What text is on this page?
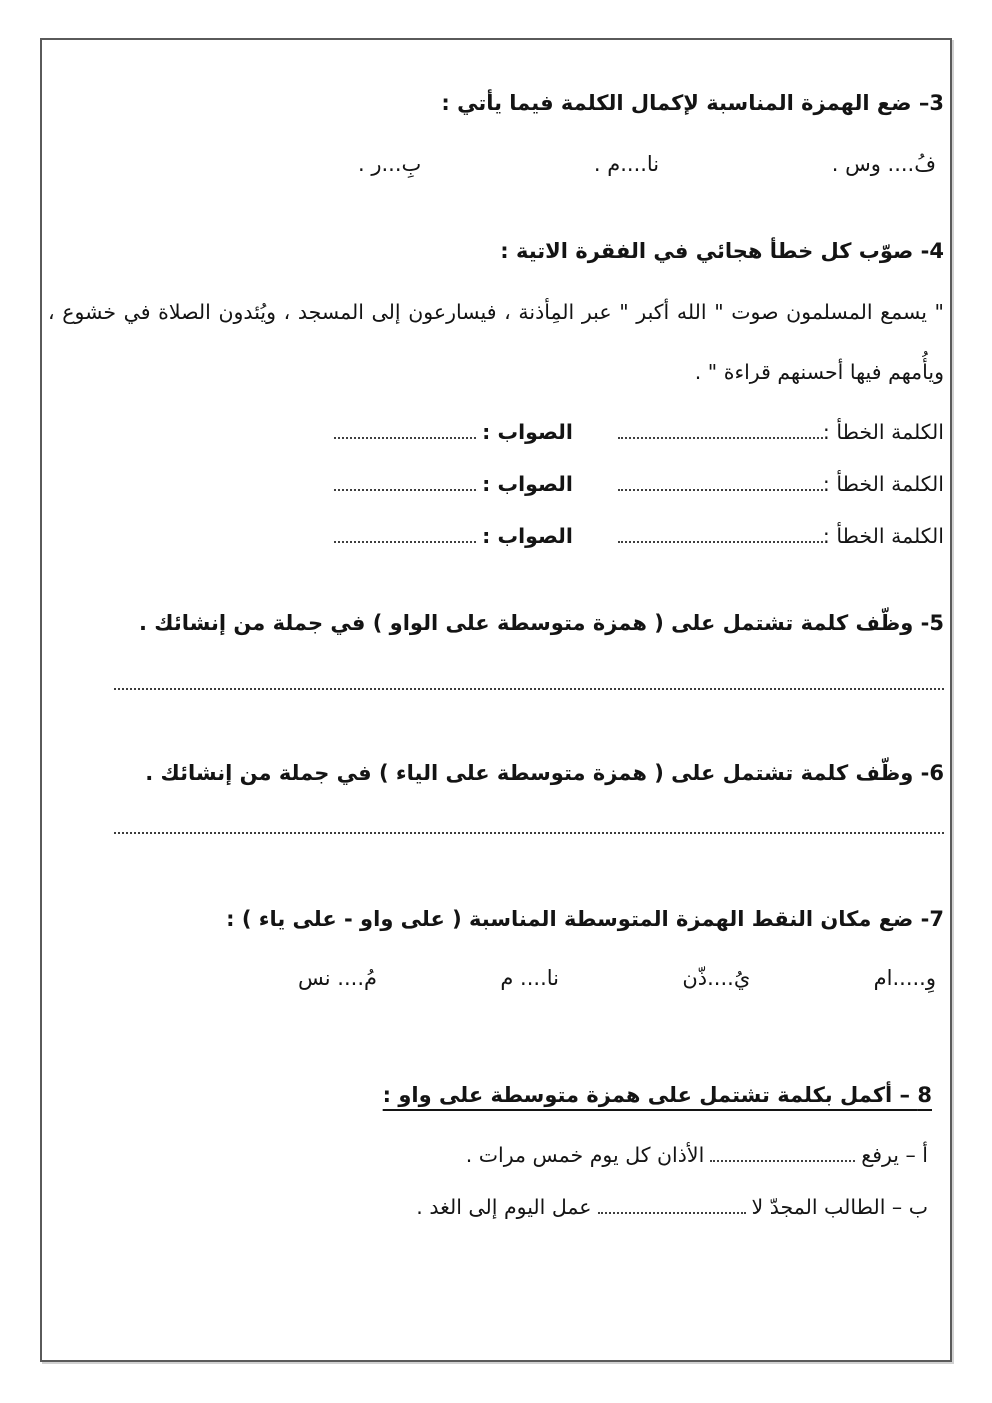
3– ضع الهمزة المناسبة لإكمال الكلمة فيما يأتي :
فُ.... وس .
نا....م .
بِ...ر .
4- صوّب كل خطأ هجائي في الفقرة الاتية :

" يسمع المسلمون صوت " الله أكبر " عبر المِأذنة ، فيسارعون إلى المسجد ، ويُئدون الصلاة في خشوع ،

ويأُمهم فيها أحسنهم قراءة " .

الكلمة الخطأ :الصواب :
الكلمة الخطأ :الصواب :
الكلمة الخطأ :الصواب :
5- وظّف كلمة تشتمل على ( همزة متوسطة على الواو ) في جملة من إنشائك .
6- وظّف كلمة تشتمل على ( همزة متوسطة على الياء ) في جملة من إنشائك .
7- ضع مكان النقط الهمزة المتوسطة المناسبة ( على واو - على ياء ) :
وِ.....ام
يُ....ذّن
نا.... م
مُ.... نس
8 – أكمل بكلمة تشتمل على همزة متوسطة على واو :

أ – يرفعالأذان كل يوم خمس مرات .

ب – الطالب المجدّ لاعمل اليوم إلى الغد .
